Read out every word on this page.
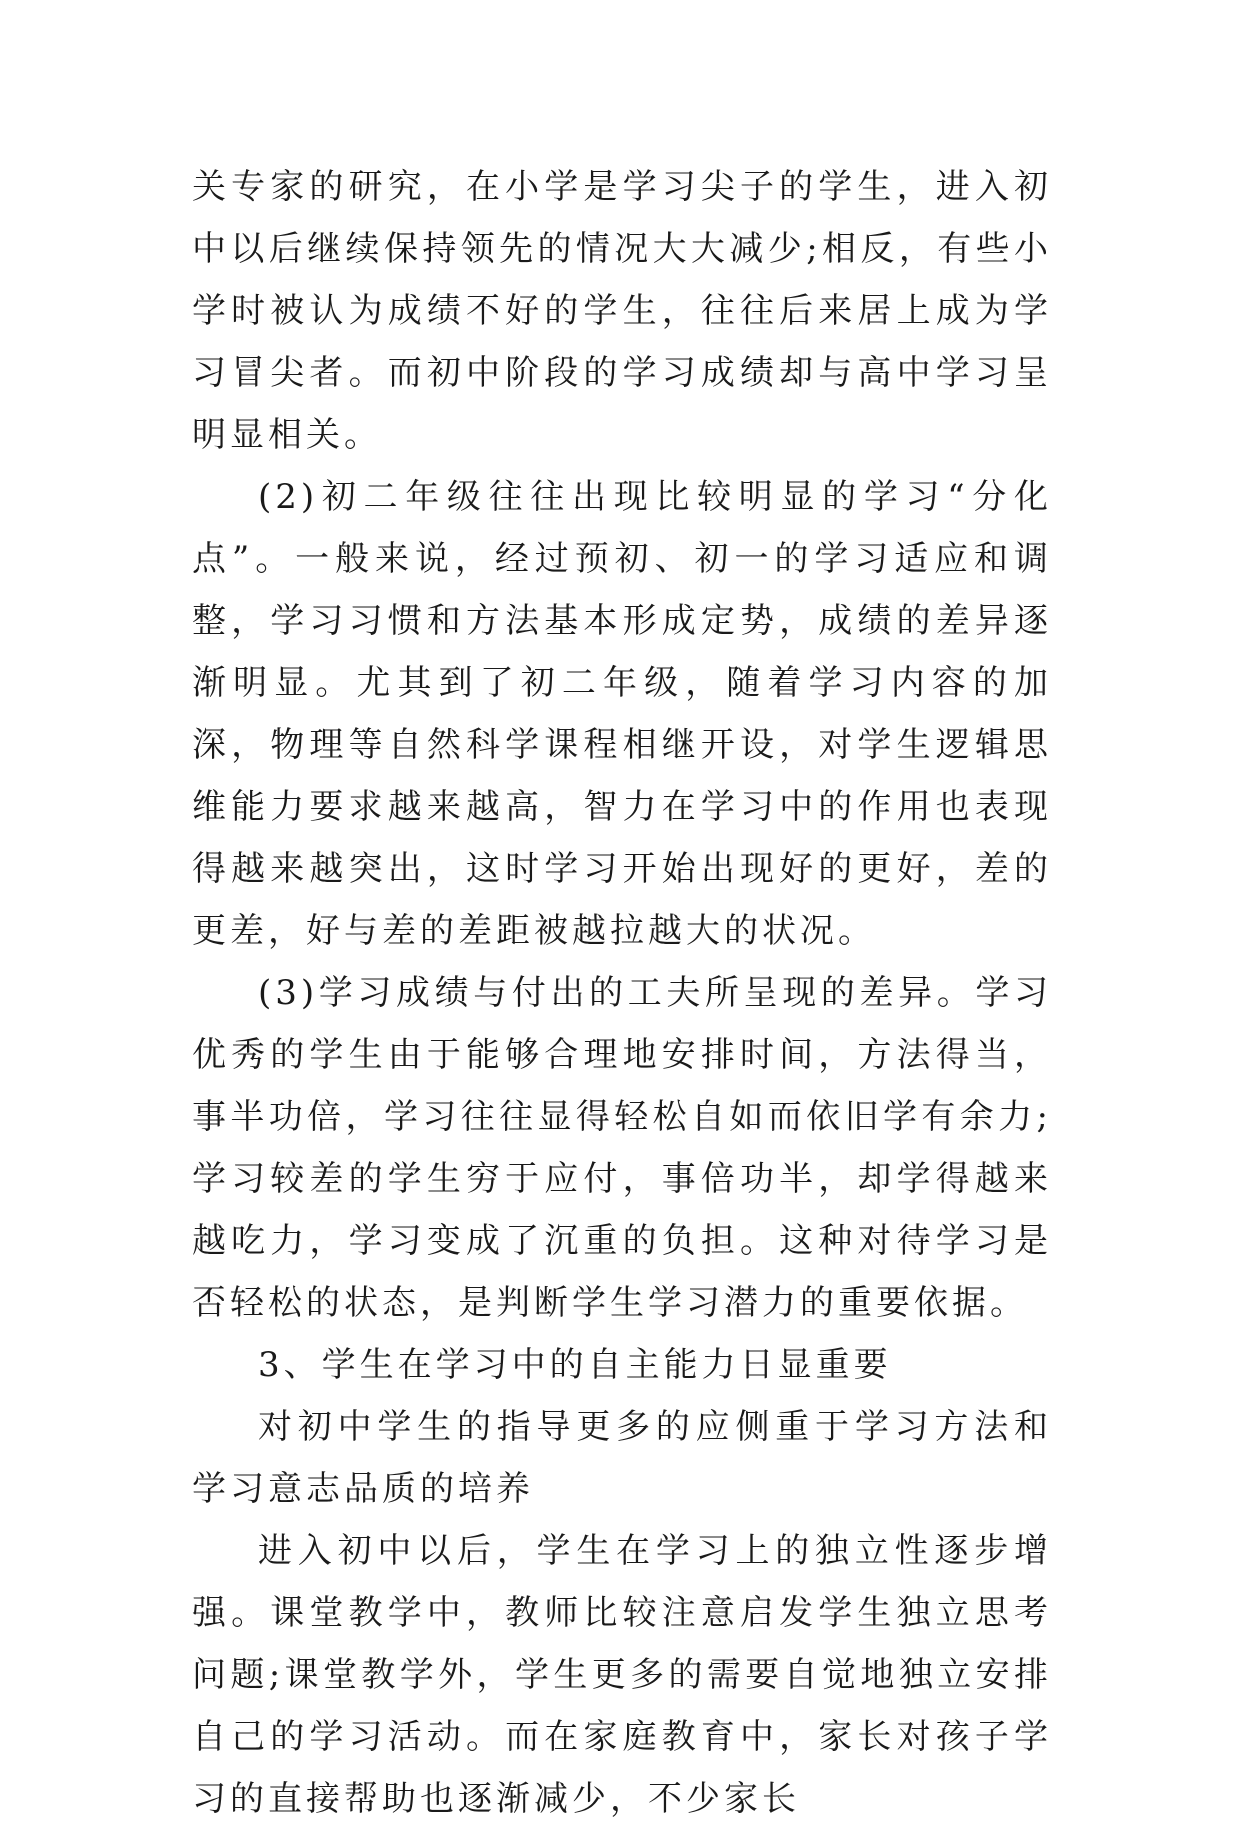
关专家的研究，在小学是学习尖子的学生，进入初中以后继续保持领先的情况大大减少;相反，有些小学时被认为成绩不好的学生，往往后来居上成为学习冒尖者。而初中阶段的学习成绩却与高中学习呈明显相关。

(2)初二年级往往出现比较明显的学习“分化点”。一般来说，经过预初、初一的学习适应和调整，学习习惯和方法基本形成定势，成绩的差异逐渐明显。尤其到了初二年级，随着学习内容的加深，物理等自然科学课程相继开设，对学生逻辑思维能力要求越来越高，智力在学习中的作用也表现得越来越突出，这时学习开始出现好的更好，差的更差，好与差的差距被越拉越大的状况。

(3)学习成绩与付出的工夫所呈现的差异。学习优秀的学生由于能够合理地安排时间，方法得当，事半功倍，学习往往显得轻松自如而依旧学有余力;学习较差的学生穷于应付，事倍功半，却学得越来越吃力，学习变成了沉重的负担。这种对待学习是否轻松的状态，是判断学生学习潜力的重要依据。

3、学生在学习中的自主能力日显重要

对初中学生的指导更多的应侧重于学习方法和学习意志品质的培养

进入初中以后，学生在学习上的独立性逐步增强。课堂教学中，教师比较注意启发学生独立思考问题;课堂教学外，学生更多的需要自觉地独立安排自己的学习活动。而在家庭教育中，家长对孩子学习的直接帮助也逐渐减少，不少家长
